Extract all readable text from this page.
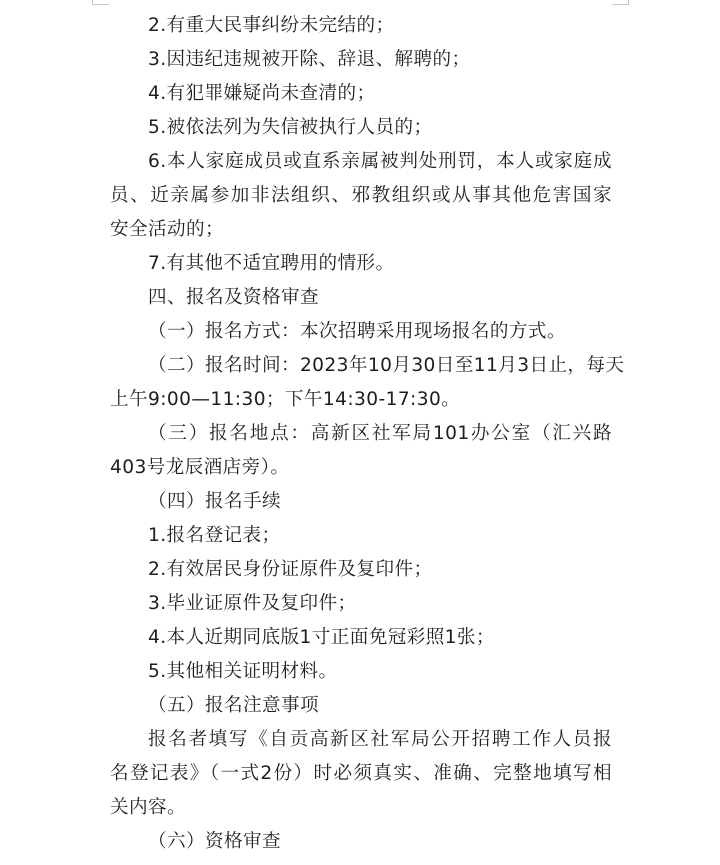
2.有重大民事纠纷未完结的；
3.因违纪违规被开除、辞退、解聘的；
4.有犯罪嫌疑尚未查清的；
5.被依法列为失信被执行人员的；
6.本人家庭成员或直系亲属被判处刑罚，本人或家庭成
员、近亲属参加非法组织、邪教组织或从事其他危害国家
安全活动的；
7.有其他不适宜聘用的情形。
四、报名及资格审查
（一）报名方式：本次招聘采用现场报名的方式。
（二）报名时间：2023年10月30日至11月3日止，每天
上午9:00—11:30；下午14:30-17:30。
（三）报名地点：高新区社军局101办公室（汇兴路
403号龙辰酒店旁）。
（四）报名手续
1.报名登记表；
2.有效居民身份证原件及复印件；
3.毕业证原件及复印件；
4.本人近期同底版1寸正面免冠彩照1张；
5.其他相关证明材料。
（五）报名注意事项
报名者填写《自贡高新区社军局公开招聘工作人员报
名登记表》（一式2份）时必须真实、准确、完整地填写相
关内容。
（六）资格审查
